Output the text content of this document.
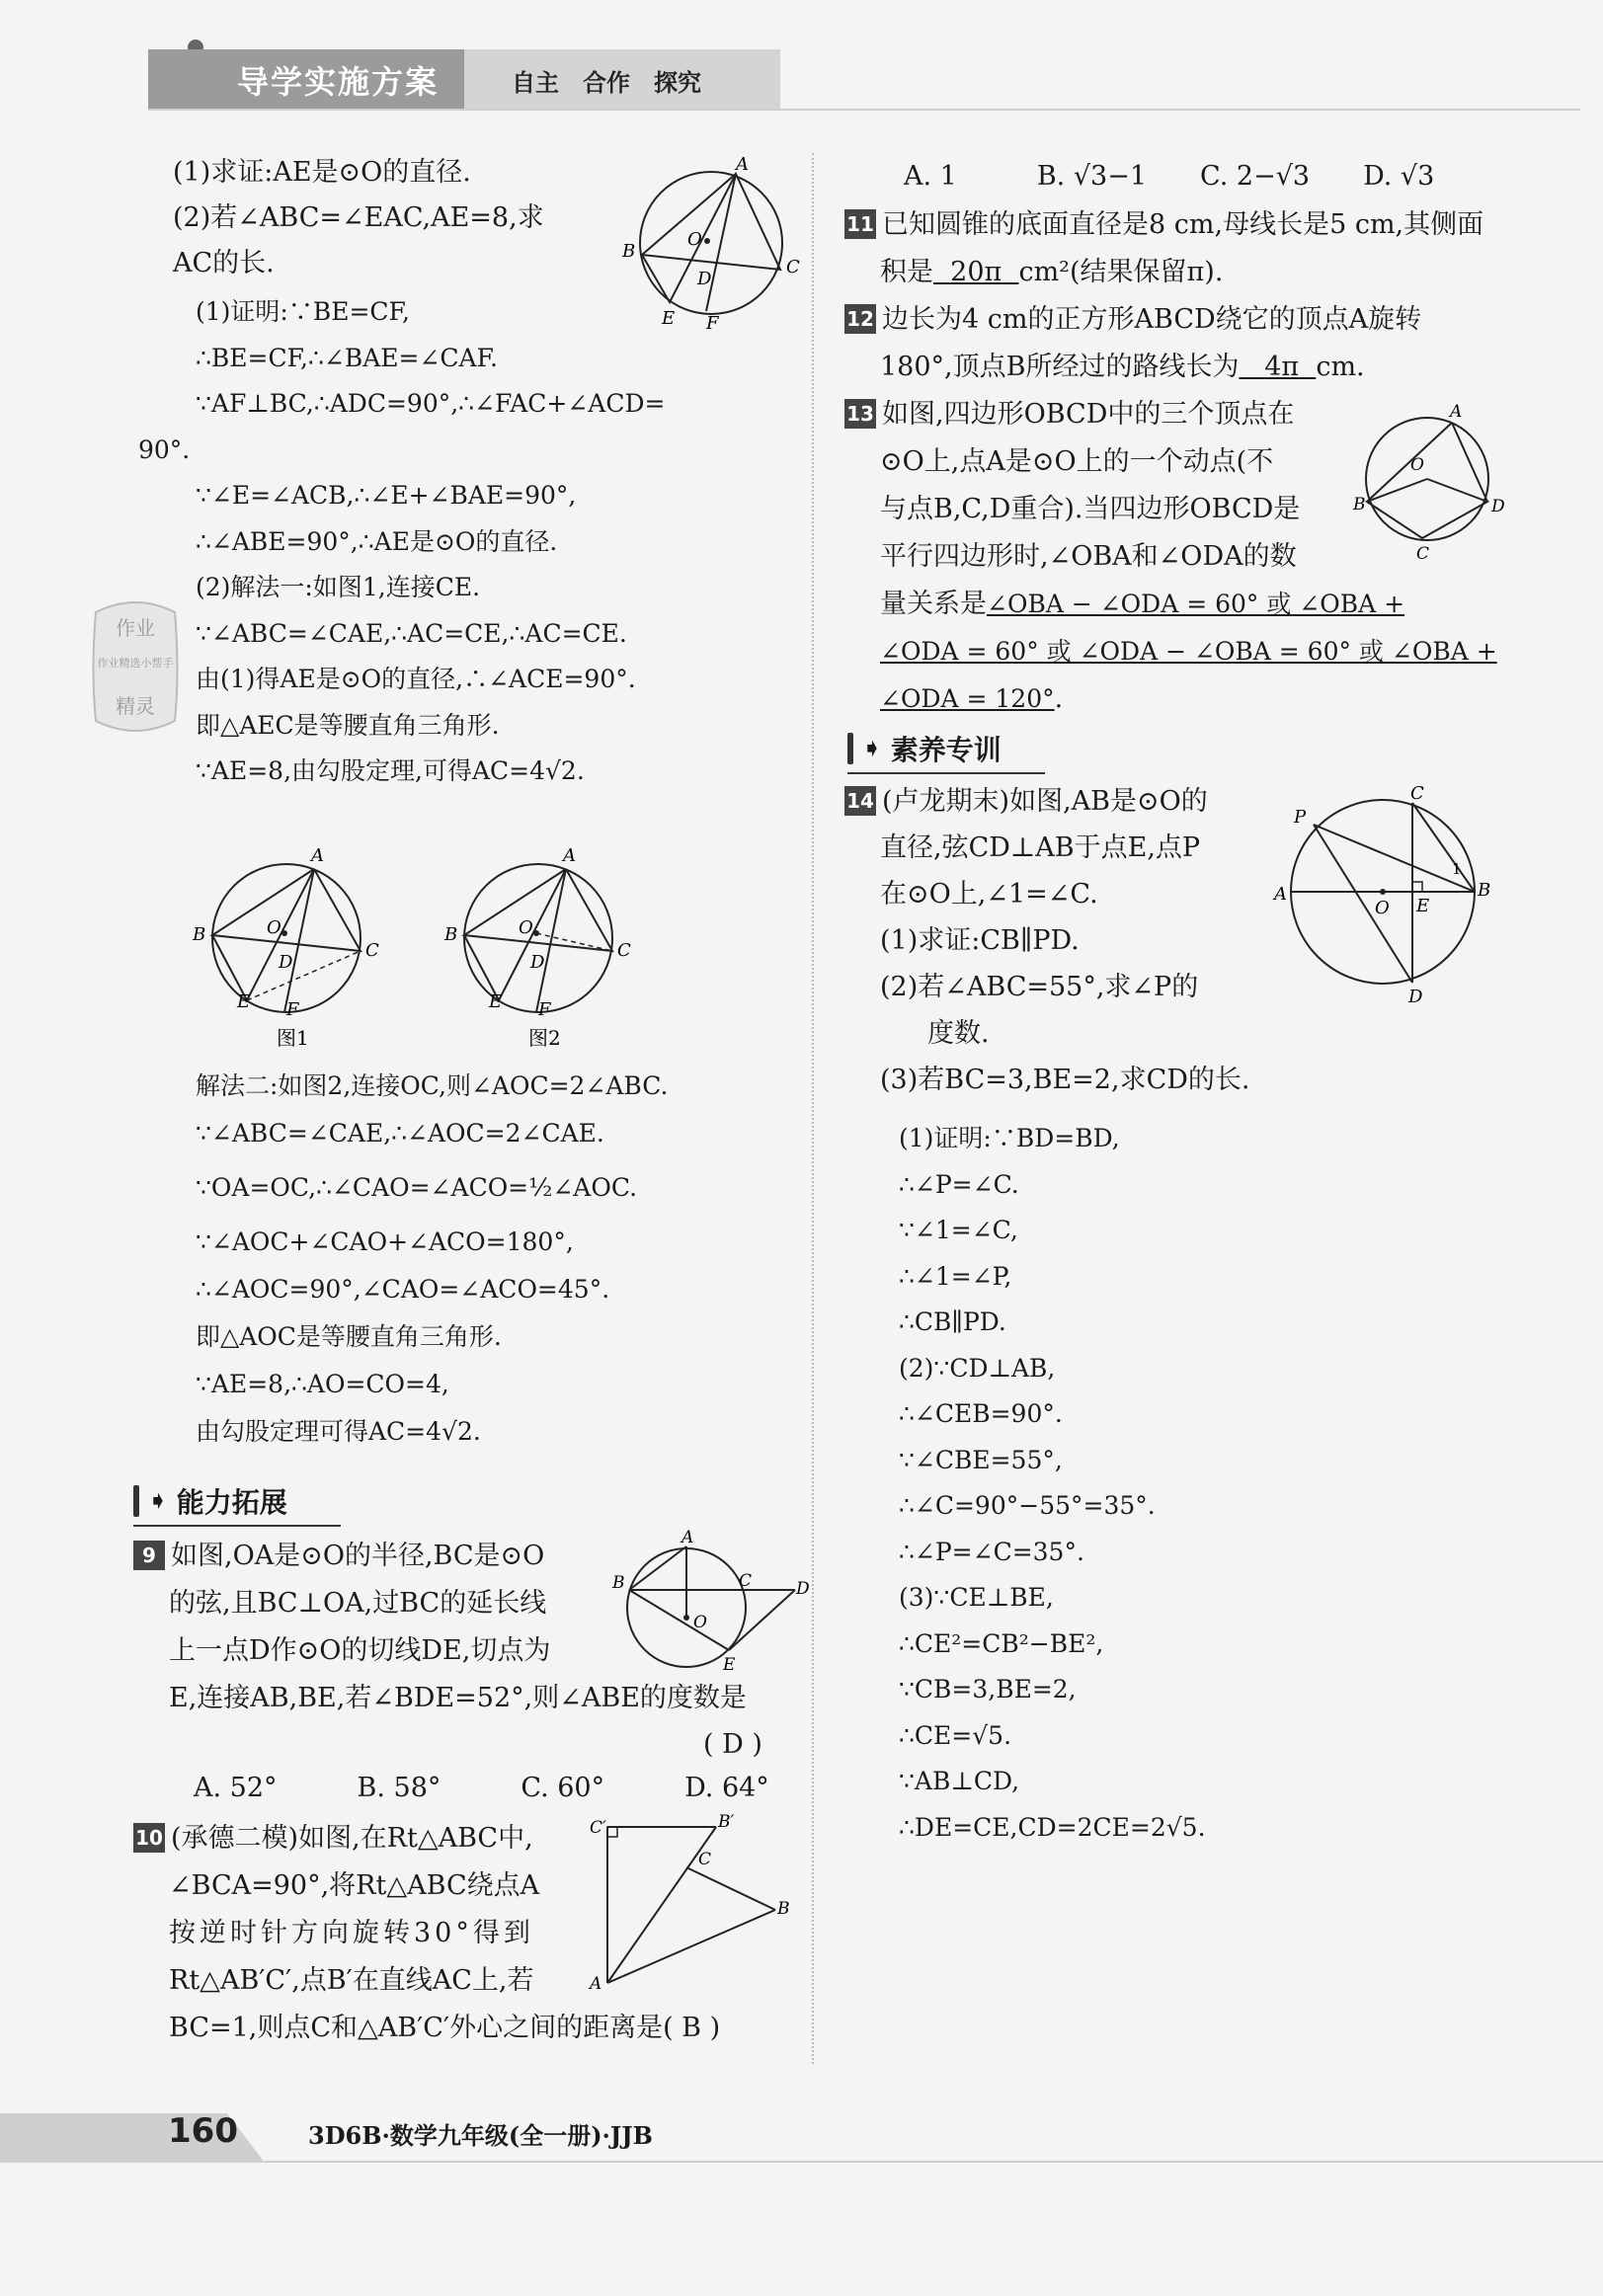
导学实施方案	自主　合作　探究

(1)求证:AE是⊙O的直径.

(2)若∠ABC=∠EAC,AE=8,求

AC的长.

(1)证明:∵BE=CF,

∴BE=CF,∴∠BAE=∠CAF.

∵AF⊥BC,∴ADC=90°,∴∠FAC+∠ACD=

90°.

∵∠E=∠ACB,∴∠E+∠BAE=90°,

∴∠ABE=90°,∴AE是⊙O的直径.

(2)解法一:如图1,连接CE.

∵∠ABC=∠CAE,∴AC=CE,∴AC=CE.

由(1)得AE是⊙O的直径,∴∠ACE=90°.

即△AEC是等腰直角三角形.

∵AE=8,由勾股定理,可得AC=4√2.

A
B
C
D
E F
O
A
B
C
D
E F
O
图1
A
B
C
D
E F
O
图2

解法二:如图2,连接OC,则∠AOC=2∠ABC.

∵∠ABC=∠CAE,∴∠AOC=2∠CAE.

∵OA=OC,∴∠CAO=∠ACO=½∠AOC.

∵∠AOC+∠CAO+∠ACO=180°,

∴∠AOC=90°,∠CAO=∠ACO=45°.

即△AOC是等腰直角三角形.

∵AE=8,∴AO=CO=4,

由勾股定理可得AC=4√2.

➧ 能力拓展

9 如图,OA是⊙O的半径,BC是⊙O

的弦,且BC⊥OA,过BC的延长线

上一点D作⊙O的切线DE,切点为

E,连接AB,BE,若∠BDE=52°,则∠ABE的度数是

( D )
A. 52°　　　B. 58°　　　C. 60°　　　D. 64°
A
B	C	D
E
O

10 (承德二模)如图,在Rt△ABC中,

∠BCA=90°,将Rt△ABC绕点A

按逆时针方向旋转30°得到

Rt△AB′C′,点B′在直线AC上,若

BC=1,则点C和△AB′C′外心之间的距离是( B )

C′	B′
C
B
A
A. 1　　　B. √3−1　　C. 2−√3　　D. √3

11 已知圆锥的底面直径是8 cm,母线长是5 cm,其侧面

积是 20π cm²(结果保留π).

12 边长为4 cm的正方形ABCD绕它的顶点A旋转

180°,顶点B所经过的路线长为 4π cm.

13 如图,四边形OBCD中的三个顶点在

⊙O上,点A是⊙O上的一个动点(不

与点B,C,D重合).当四边形OBCD是

平行四边形时,∠OBA和∠ODA的数

量关系是∠OBA − ∠ODA = 60° 或 ∠OBA +

∠ODA = 60° 或 ∠ODA − ∠OBA = 60° 或 ∠OBA +

∠ODA = 120°.

A
B
C
D
O
➧ 素养专训

14 (卢龙期末)如图,AB是⊙O的

直径,弦CD⊥AB于点E,点P

在⊙O上,∠1=∠C.

(1)求证:CB∥PD.

(2)若∠ABC=55°,求∠P的

度数.

(3)若BC=3,BE=2,求CD的长.

P
C
A	B
O E
D
1

(1)证明:∵BD=BD,

∴∠P=∠C.

∵∠1=∠C,

∴∠1=∠P,

∴CB∥PD.

(2)∵CD⊥AB,

∴∠CEB=90°.

∵∠CBE=55°,

∴∠C=90°−55°=35°.

∴∠P=∠C=35°.

(3)∵CE⊥BE,

∴CE²=CB²−BE²,

∵CB=3,BE=2,

∴CE=√5.

∵AB⊥CD,

∴DE=CE,CD=2CE=2√5.

作业
作业精选小帮手
精灵
160	3D6B·数学九年级(全一册)·JJB
